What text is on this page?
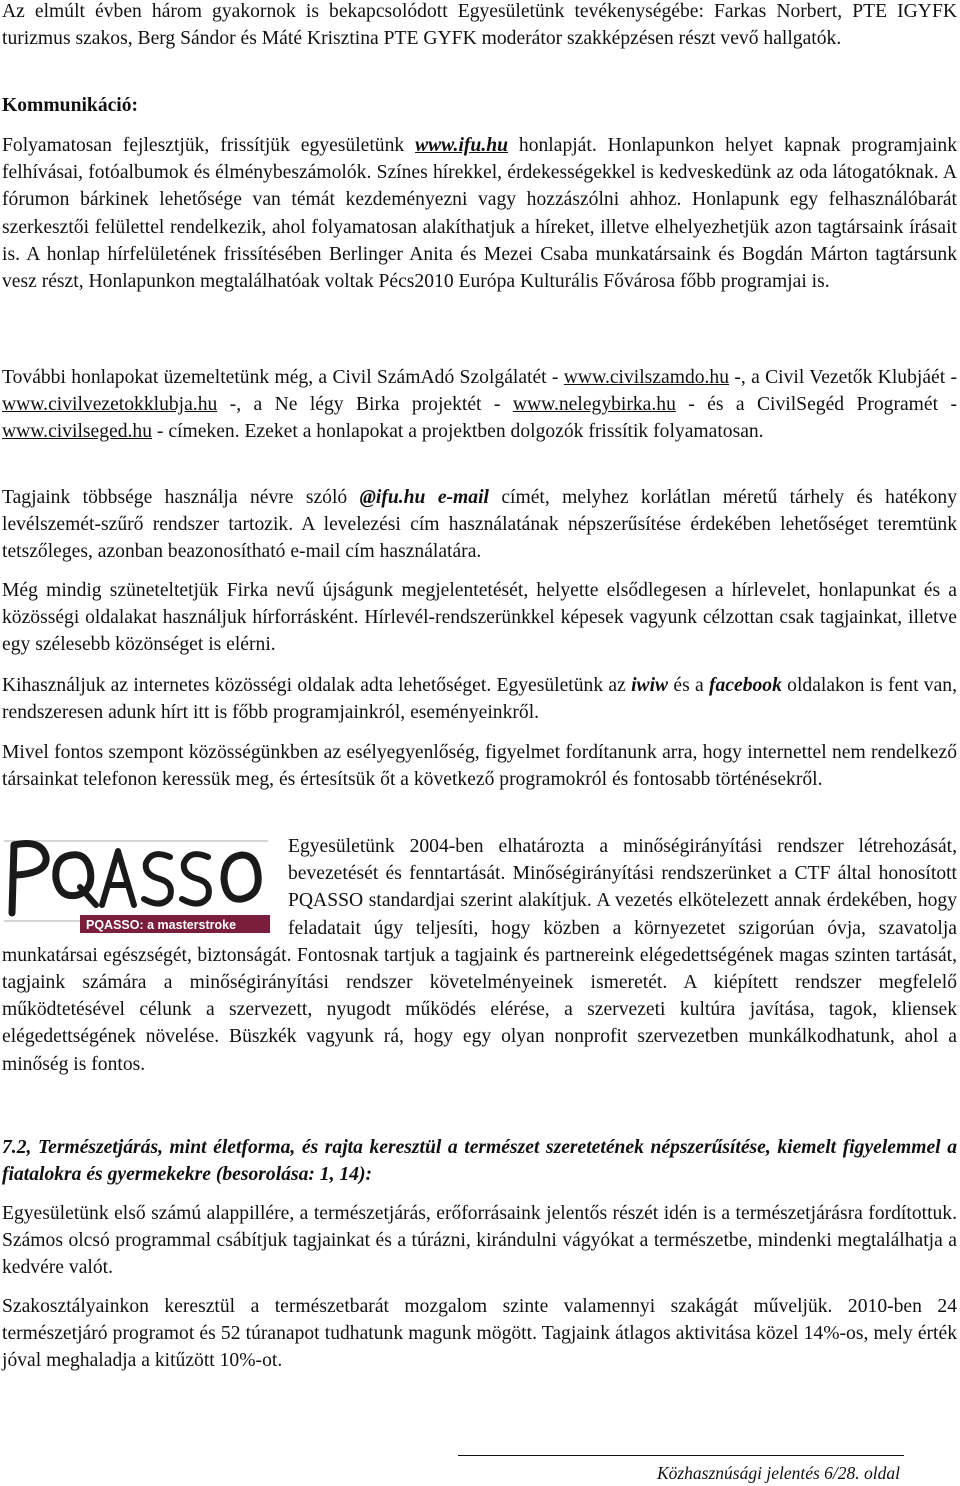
Az elmúlt évben három gyakornok is bekapcsolódott Egyesületünk tevékenységébe: Farkas Norbert, PTE IGYFK turizmus szakos, Berg Sándor és Máté Krisztina PTE GYFK moderátor szakképzésen részt vevő hallgatók.

Kommunikáció:

Folyamatosan fejlesztjük, frissítjük egyesületünk www.ifu.hu honlapját. Honlapunkon helyet kapnak programjaink felhívásai, fotóalbumok és élménybeszámolók. Színes hírekkel, érdekességekkel is kedveskedünk az oda látogatóknak. A fórumon bárkinek lehetősége van témát kezdeményezni vagy hozzászólni ahhoz. Honlapunk egy felhasználóbarát szerkesztői felülettel rendelkezik, ahol folyamatosan alakíthatjuk a híreket, illetve elhelyezhetjük azon tagtársaink írásait is. A honlap hírfelületének frissítésében Berlinger Anita és Mezei Csaba munkatársaink és Bogdán Márton tagtársunk vesz részt, Honlapunkon megtalálhatóak voltak Pécs2010 Európa Kulturális Fővárosa főbb programjai is.

További honlapokat üzemeltetünk még, a Civil SzámAdó Szolgálatét - www.civilszamdo.hu -, a Civil Vezetők Klubjáét - www.civilvezetokklubja.hu -, a Ne légy Birka projektét - www.nelegybirka.hu - és a CivilSegéd Programét - www.civilseged.hu - címeken. Ezeket a honlapokat a projektben dolgozók frissítik folyamatosan.

Tagjaink többsége használja névre szóló @ifu.hu e-mail címét, melyhez korlátlan méretű tárhely és hatékony levélszemét-szűrő rendszer tartozik. A levelezési cím használatának népszerűsítése érdekében lehetőséget teremtünk tetszőleges, azonban beazonosítható e-mail cím használatára.

Még mindig szüneteltetjük Firka nevű újságunk megjelentetését, helyette elsődlegesen a hírlevelet, honlapunkat és a közösségi oldalakat használjuk hírforrásként. Hírlevél-rendszerünkkel képesek vagyunk célzottan csak tagjainkat, illetve egy szélesebb közönséget is elérni.

Kihasználjuk az internetes közösségi oldalak adta lehetőséget. Egyesületünk az iwiw és a facebook oldalakon is fent van, rendszeresen adunk hírt itt is főbb programjainkról, eseményeinkről.

Mivel fontos szempont közösségünkben az esélyegyenlőség, figyelmet fordítanunk arra, hogy internettel nem rendelkező társainkat telefonon keressük meg, és értesítsük őt a következő programokról és fontosabb történésekről.

PQASSO: a masterstroke

Egyesületünk 2004-ben elhatározta a minőségirányítási rendszer létrehozását, bevezetését és fenntartását. Minőségirányítási rendszerünket a CTF által honosított PQASSO standardjai szerint alakítjuk. A vezetés elkötelezett annak érdekében, hogy feladatait úgy teljesíti, hogy közben a környezetet szigorúan óvja, szavatolja munkatársai egészségét, biztonságát. Fontosnak tartjuk a tagjaink és partnereink elégedettségének magas szinten tartását, tagjaink számára a minőségirányítási rendszer követelményeinek ismeretét. A kiépített rendszer megfelelő működtetésével célunk a szervezett, nyugodt működés elérése, a szervezeti kultúra javítása, tagok, kliensek elégedettségének növelése. Büszkék vagyunk rá, hogy egy olyan nonprofit szervezetben munkálkodhatunk, ahol a minőség is fontos.

7.2, Természetjárás, mint életforma, és rajta keresztül a természet szeretetének népszerűsítése, kiemelt figyelemmel a fiatalokra és gyermekekre (besorolása: 1, 14):

Egyesületünk első számú alappillére, a természetjárás, erőforrásaink jelentős részét idén is a természetjárásra fordítottuk. Számos olcsó programmal csábítjuk tagjainkat és a túrázni, kirándulni vágyókat a természetbe, mindenki megtalálhatja a kedvére valót.

Szakosztályainkon keresztül a természetbarát mozgalom szinte valamennyi szakágát műveljük. 2010-ben 24 természetjáró programot és 52 túranapot tudhatunk magunk mögött. Tagjaink átlagos aktivitása közel 14%-os, mely érték jóval meghaladja a kitűzött 10%-ot.

Közhasznúsági jelentés 6/28. oldal
